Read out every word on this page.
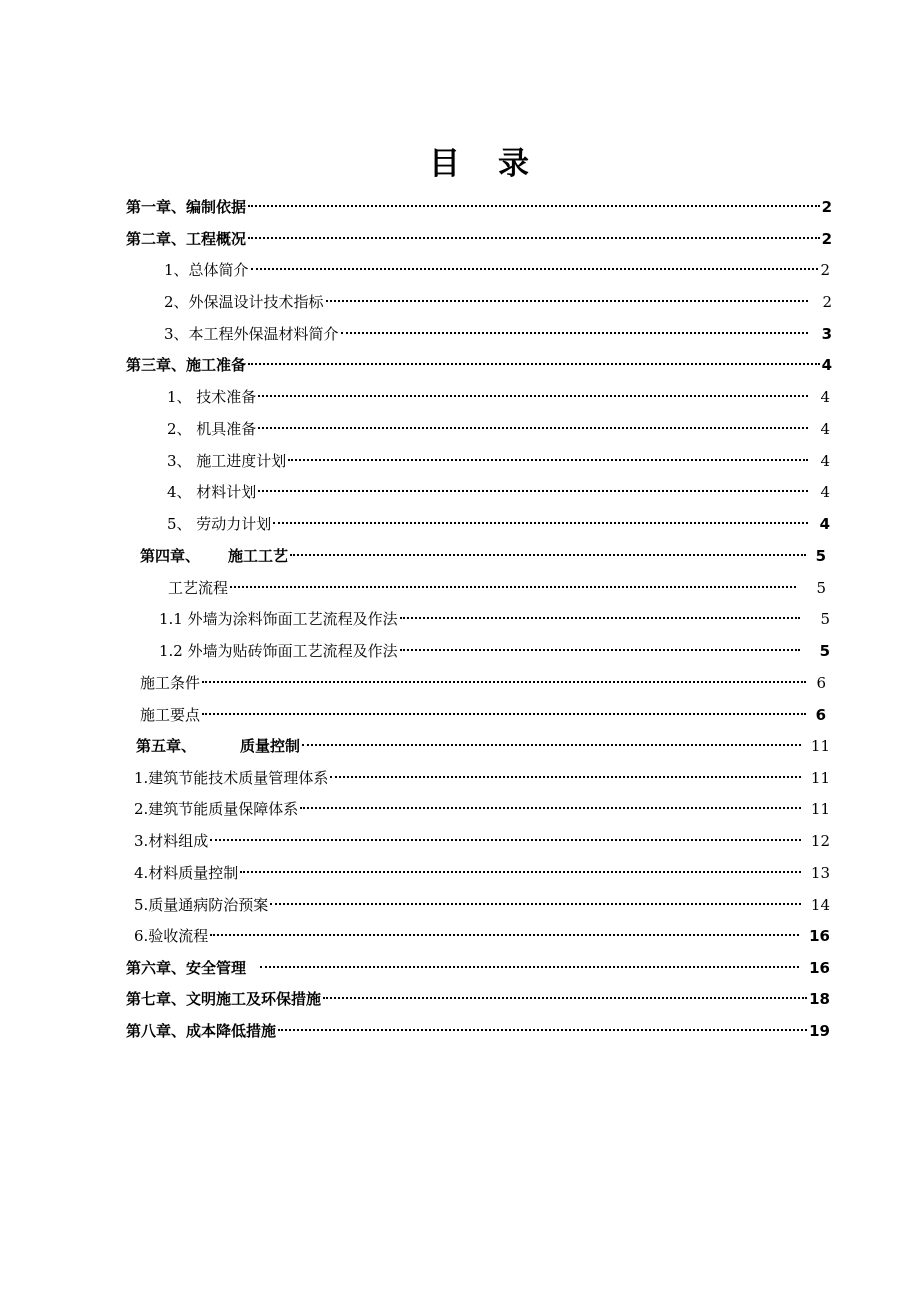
目 录
第一章、编制依据	2
第二章、工程概况	2
1、总体简介	2
2、外保温设计技术指标	2
3、本工程外保温材料简介	3
第三章、施工准备	4
1、 技术准备	4
2、 机具准备	4
3、 施工进度计划	4
4、 材料计划	4
5、 劳动力计划	4
第四章、 施工工艺	5
工艺流程	5
1.1 外墙为涂料饰面工艺流程及作法	5
1.2 外墙为贴砖饰面工艺流程及作法	5
施工条件	6
施工要点	6
第五章、	质量控制	11
1.建筑节能技术质量管理体系	11
2.建筑节能质量保障体系	11
3.材料组成	12
4.材料质量控制	13
5.质量通病防治预案	14
6.验收流程	16
第六章、安全管理	16
第七章、文明施工及环保措施	18
第八章、成本降低措施	19
